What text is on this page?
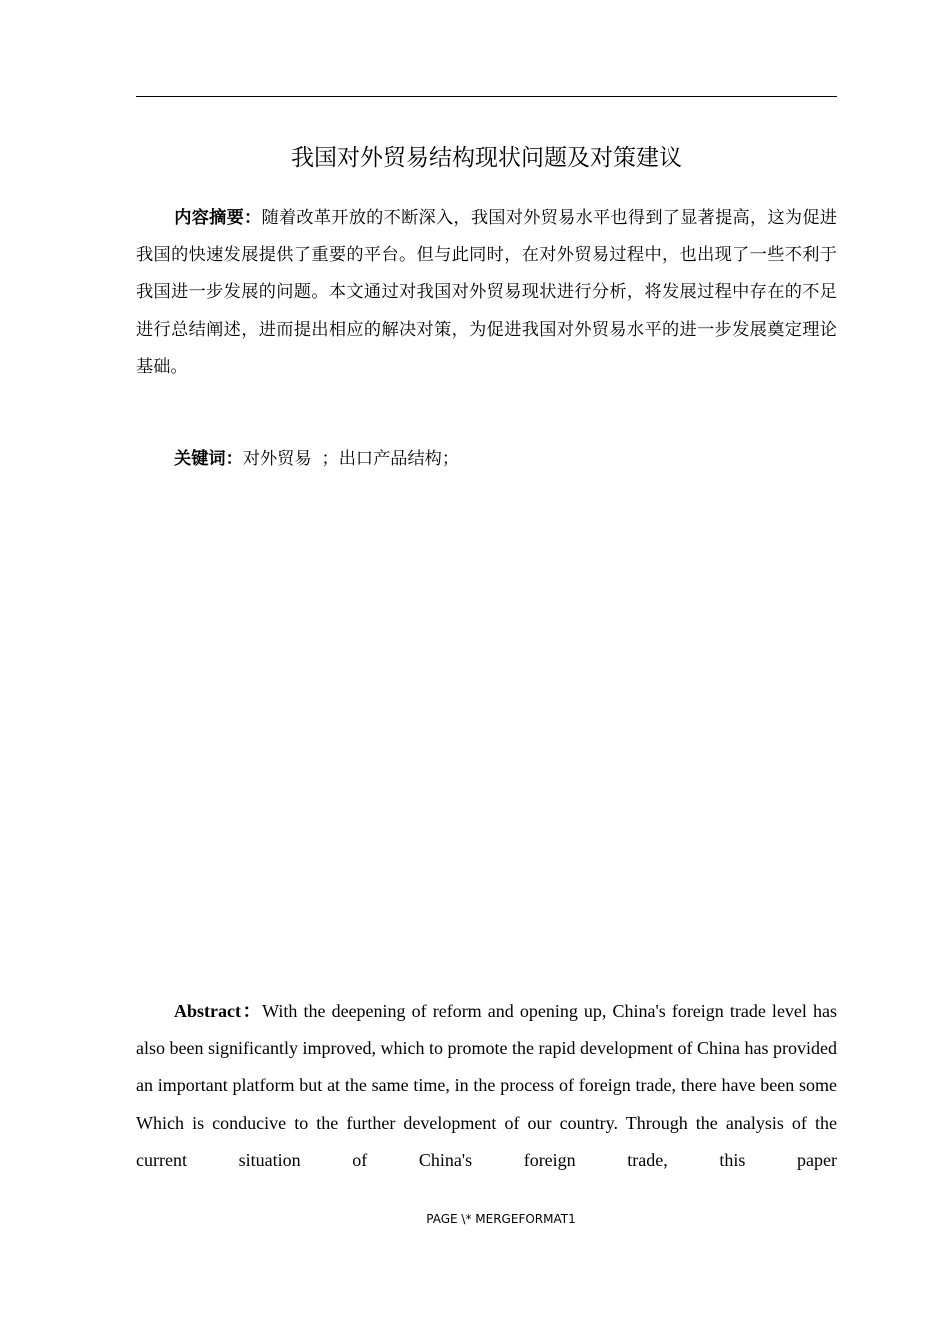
我国对外贸易结构现状问题及对策建议

内容摘要：随着改革开放的不断深入，我国对外贸易水平也得到了显著提高，这为促进我国的快速发展提供了重要的平台。但与此同时，在对外贸易过程中，也出现了一些不利于我国进一步发展的问题。本文通过对我国对外贸易现状进行分析，将发展过程中存在的不足进行总结阐述，进而提出相应的解决对策，为促进我国对外贸易水平的进一步发展奠定理论基础。

关键词：对外贸易 ；出口产品结构；

Abstract：With the deepening of reform and opening up, China's foreign trade level has also been significantly improved, which to promote the rapid development of China has provided an important platform but at the same time, in the process of foreign trade, there have been some Which is conducive to the further development of our country. Through the analysis of the current situation of China's foreign trade, this paper

PAGE \* MERGEFORMAT1
